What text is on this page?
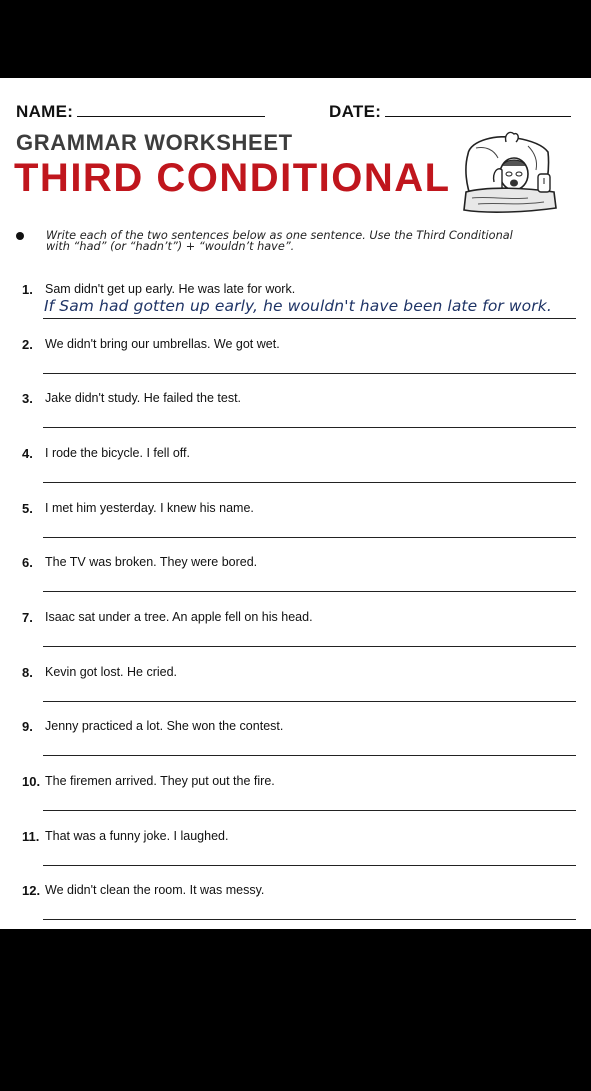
NAME:	DATE:
GRAMMAR WORKSHEET
THIRD CONDITIONAL
Write each of the two sentences below as one sentence. Use the Third Conditional
with “had” (or “hadn’t”) + “wouldn’t have”.
1. Sam didn't get up early. He was late for work.
If Sam had gotten up early, he wouldn't have been late for work.
2. We didn't bring our umbrellas. We got wet.
3. Jake didn't study. He failed the test.
4. I rode the bicycle. I fell off.
5. I met him yesterday. I knew his name.
6. The TV was broken. They were bored.
7. Isaac sat under a tree. An apple fell on his head.
8. Kevin got lost. He cried.
9. Jenny practiced a lot. She won the contest.
10. The firemen arrived. They put out the fire.
11. That was a funny joke. I laughed.
12. We didn't clean the room. It was messy.
